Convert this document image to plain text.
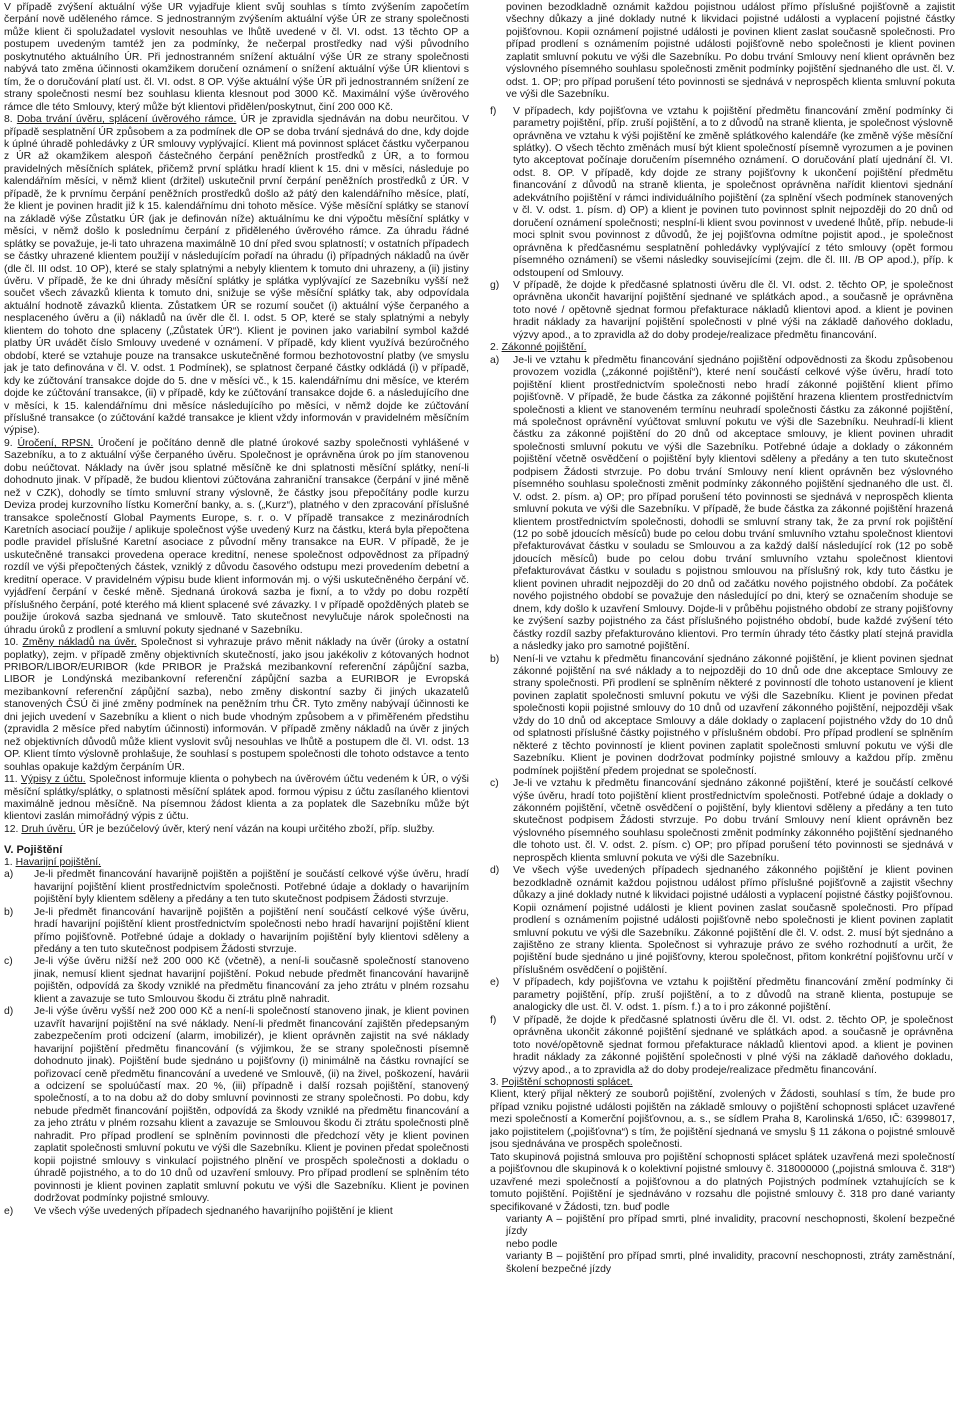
V případě zvýšení aktuální výše ÚR vyjadřuje klient svůj souhlas s tímto zvýšením započetím čerpání nově uděleného rámce. S jednostranným zvýšením aktuální výše ÚR ze strany společnosti může klient či spolužadatel vyslovit nesouhlas ve lhůtě uvedené v čl. VI. odst. 13 těchto OP a postupem uvedeným tamtéž jen za podmínky, že nečerpal prostředky nad výši původního poskytnutého aktuálního ÚR. Při jednostranném snížení aktuální výše ÚR ze strany společnosti nabývá tato změna účinnosti okamžikem doručení oznámení o snížení aktuální výše ÚR klientovi s tím, že o doručování platí ust. čl. VI. odst. 8 OP. Výše aktuální výše ÚR při jednostranném snížení ze strany společnosti nesmí bez souhlasu klienta klesnout pod 3000 Kč. Maximální výše úvěrového rámce dle této Smlouvy, který může být klientovi přidělen/poskytnut, činí 200 000 Kč.

8. Doba trvání úvěru, splácení úvěrového rámce. ÚR je zpravidla sjednáván na dobu neurčitou. V případě sesplatnění ÚR způsobem a za podmínek dle OP se doba trvání sjednává do dne, kdy dojde k úplné úhradě pohledávky z ÚR smlouvy vyplývající. Klient má povinnost splácet částku vyčerpanou z ÚR až okamžikem alespoň částečného čerpání peněžních prostředků z ÚR, a to formou pravidelných měsíčních splátek, přičemž první splátku hradí klient k 15. dni v měsíci, následuje po kalendářním měsíci, v němž klient (držitel) uskutečnil první čerpání peněžních prostředků z ÚR. V případě, že k prvnímu čerpání peněžních prostředků došlo až pátý den kalendářního měsíce, platí, že klient je povinen hradit již k 15. kalendářnímu dni tohoto měsíce. Výše měsíční splátky se stanoví na základě výše Zůstatku ÚR (jak je definován níže) aktuálnímu ke dni výpočtu měsíční splátky v měsíci, v němž došlo k poslednímu čerpání z přiděleného úvěrového rámce. Za úhradu řádné splátky se považuje, je-li tato uhrazena maximálně 10 dní před svou splatností; v ostatních případech se částky uhrazené klientem použijí v následujícím pořadí na úhradu (i) případných nákladů na úvěr (dle čl. III odst. 10 OP), které se staly splatnými a nebyly klientem k tomuto dni uhrazeny, a (ii) jistiny úvěru. V případě, že ke dni úhrady měsíční splátky je splátka vyplývající ze Sazebníku vyšší než součet všech závazků klienta k tomuto dni, snižuje se výše měsíční splátky tak, aby odpovídala aktuální hodnotě závazků klienta. Zůstatkem ÚR se rozumí součet (i) aktuální výše čerpaného a nesplaceného úvěru a (ii) nákladů na úvěr dle čl. I. odst. 5 OP, které se staly splatnými a nebyly klientem do tohoto dne splaceny („Zůstatek ÚR“). Klient je povinen jako variabilní symbol každé platby ÚR uvádět číslo Smlouvy uvedené v oznámení. V případě, kdy klient využívá bezúročného období, které se vztahuje pouze na transakce uskutečněné formou bezhotovostní platby (ve smyslu jak je tato definována v čl. V. odst. 1 Podmínek), se splatnost čerpané částky odkládá (i) v případě, kdy ke zúčtování transakce dojde do 5. dne v měsíci vč., k 15. kalendářnímu dni měsíce, ve kterém dojde ke zúčtování transakce, (ii) v případě, kdy ke zúčtování transakce dojde 6. a následujícího dne v měsíci, k 15. kalendářnímu dni měsíce následujícího po měsíci, v němž dojde ke zúčtování příslušné transakce (o zúčtování každé transakce je klient vždy informován v pravidelném měsíčním výpise).

9. Úročení, RPSN. Úročení je počítáno denně dle platné úrokové sazby společnosti vyhlášené v Sazebníku, a to z aktuální výše čerpaného úvěru. Společnost je oprávněna úrok po jím stanovenou dobu neúčtovat. Náklady na úvěr jsou splatné měsíčně ke dni splatnosti měsíční splátky, není-li dohodnuto jinak. V případě, že budou klientovi zúčtována zahraniční transakce (čerpání v jiné měně než v CZK), dohodly se tímto smluvní strany výslovně, že částky jsou přepočítány podle kurzu Deviza prodej kurzovního lístku Komerční banky, a. s. („Kurz“), platného v den zpracování příslušné transakce společností Global Payments Europe, s. r. o. V případě transakce z mezinárodních Karetních asociací použije / aplikuje společnost výše uvedený Kurz na částku, která byla přepočtena podle pravidel příslušné Karetní asociace z původní měny transakce na EUR. V případě, že je uskutečněné transakci provedena operace kreditní, nenese společnost odpovědnost za případný rozdíl ve výši přepočtených částek, vzniklý z důvodu časového odstupu mezi provedením debetní a kreditní operace. V pravidelném výpisu bude klient informován mj. o výši uskutečněného čerpání vč. vyjádření čerpání v české měně. Sjednaná úroková sazba je fixní, a to vždy po dobu rozpětí příslušného čerpání, poté kterého má klient splacené své závazky. I v případě opožděných plateb se použije úroková sazba sjednaná ve smlouvě. Tato skutečnost nevylučuje nárok společnosti na úhradu úroků z prodlení a smluvní pokuty sjednané v Sazebníku.

10. Změny nákladů na úvěr. Společnost si vyhrazuje právo měnit náklady na úvěr (úroky a ostatní poplatky), zejm. v případě změny objektivních skutečností, jako jsou jakékoliv z kótovaných hodnot PRIBOR/LIBOR/EURIBOR (kde PRIBOR je Pražská mezibankovní referenční zápůjční sazba, LIBOR je Londýnská mezibankovní referenční zápůjční sazba a EURIBOR je Evropská mezibankovní referenční zápůjční sazba), nebo změny diskontní sazby či jiných ukazatelů stanovených ČSÚ či jiné změny podmínek na peněžním trhu ČR. Tyto změny nabývají účinnosti ke dni jejich uvedení v Sazebníku a klient o nich bude vhodným způsobem a v přiměřeném předstihu (zpravidla 2 měsíce před nabytím účinnosti) informován. V případě změny nákladů na úvěr z jiných než objektivních důvodů může klient vyslovit svůj nesouhlas ve lhůtě a postupem dle čl. VI. odst. 13 OP. Klient tímto výslovně prohlašuje, že souhlasí s postupem společnosti dle tohoto odstavce a tento souhlas opakuje každým čerpáním ÚR.

11. Výpisy z účtu. Společnost informuje klienta o pohybech na úvěrovém účtu vedeném k ÚR, o výši měsíční splátky/splátky, o splatnosti měsíční splátek apod. formou výpisu z účtu zasílaného klientovi maximálně jednou měsíčně. Na písemnou žádost klienta a za poplatek dle Sazebníku může být klientovi zaslán mimořádný výpis z účtu.

12. Druh úvěru. ÚR je bezúčelový úvěr, který není vázán na koupi určitého zboží, příp. služby.

V. Pojištění

1. Havarijní pojištění.

a)	Je-li předmět financování havarijně pojištěn a pojištění je součástí celkové výše úvěru, hradí havarijní pojištění klient prostřednictvím společnosti. Potřebné údaje a doklady o havarijním pojištění byly klientem sděleny a předány a ten tuto skutečnost podpisem Žádosti stvrzuje.
b)	Je-li předmět financování havarijně pojištěn a pojištění není součástí celkové výše úvěru, hradí havarijní pojištění klient prostřednictvím společnosti nebo hradí havarijní pojištění klient přímo pojišťovně. Potřebné údaje a doklady o havarijním pojištění byly klientovi sděleny a předány a ten tuto skutečnost podpisem Žádosti stvrzuje.
c)	Je-li výše úvěru nižší než 200 000 Kč (včetně), a není-li současně společností stanoveno jinak, nemusí klient sjednat havarijní pojištění. Pokud nebude předmět financování havarijně pojištěn, odpovídá za škody vzniklé na předmětu financování za jeho ztrátu v plném rozsahu klient a zavazuje se tuto Smlouvou škodu či ztrátu plně nahradit.
d)	Je-li výše úvěru vyšší než 200 000 Kč a není-li společností stanoveno jinak, je klient povinen uzavřít havarijní pojištění na své náklady. Není-li předmět financování zajištěn předepsaným zabezpečením proti odcizení (alarm, imobilizér), je klient oprávněn zajistit na své náklady havarijní pojištění předmětu financování (s výjimkou, že se strany společnosti písemně dohodnuto jinak). Pojištění bude sjednáno u pojišťovny (i) minimálně na částku rovnající se pořizovací ceně předmětu financování a uvedené ve Smlouvě, (ii) na živel, poškození, havárii a odcizení se spoluúčastí max. 20 %, (iii) případně i další rozsah pojištění, stanovený společností, a to na dobu až do doby smluvní povinnosti ze strany společnosti. Po dobu, kdy nebude předmět financování pojištěn, odpovídá za škody vzniklé na předmětu financování a za jeho ztrátu v plném rozsahu klient a zavazuje se Smlouvou škodu či ztrátu společnosti plně nahradit. Pro případ prodlení se splněním povinnosti dle předchozí věty je klient povinen zaplatit společnosti smluvní pokutu ve výši dle Sazebníku. Klient je povinen předat společnosti kopii pojistné smlouvy s vinkulací pojistného plnění ve prospěch společnosti a dokladu o úhradě pojistného, a to do 10 dnů od uzavření smlouvy. Pro případ prodlení se splněním této povinnosti je klient povinen zaplatit smluvní pokutu ve výši dle Sazebníku. Klient je povinen dodržovat podmínky pojistné smlouvy.
e)	Ve všech výše uvedených případech sjednaného havarijního pojištění je klient

povinen bezodkladně oznámit každou pojistnou událost přímo příslušné pojišťovně a zajistit všechny důkazy a jiné doklady nutné k likvidaci pojistné události a vyplacení pojistné částky pojišťovnou. Kopii oznámení pojistné události je povinen klient zaslat současně společnosti. Pro případ prodlení s oznámením pojistné události pojišťovně nebo společnosti je klient povinen zaplatit smluvní pokutu ve výši dle Sazebníku. Po dobu trvání Smlouvy není klient oprávněn bez výslovného písemného souhlasu společnosti změnit podmínky pojištění sjednaného dle ust. čl. V. odst. 1. OP; pro případ porušení této povinnosti se sjednává v neprospěch klienta smluvní pokuta ve výši dle Sazebníku.

f)	V případech, kdy pojišťovna ve vztahu k pojištění předmětu financování změní podmínky či parametry pojištění, příp. zruší pojištění, a to z důvodů na straně klienta, je společnost výslovně oprávněna ve vztahu k výši pojištění ke změně splátkového kalendáře (ke změně výše měsíční splátky). O všech těchto změnách musí být klient společností písemně vyrozumen a je povinen tyto akceptovat počínaje doručením písemného oznámení. O doručování platí ujednání čl. VI. odst. 8. OP. V případě, kdy dojde ze strany pojišťovny k ukončení pojištění předmětu financování z důvodů na straně klienta, je společnost oprávněna nařídit klientovi sjednání adekvátního pojištění v rámci individuálního pojištění (za splnění všech podmínek stanovených v čl. V. odst. 1. písm. d) OP) a klient je povinen tuto povinnost splnit nejpozději do 20 dnů od doručení oznámení společnosti; nesplní-li klient svou povinnost v uvedené lhůtě, příp. nebude-li moci splnit svou povinnost z důvodů, že jej pojišťovna odmítne pojistit apod., je společnost oprávněna k předčasnému sesplatnění pohledávky vyplývající z této smlouvy (opět formou písemného oznámení) se všemi následky souvisejícími (zejm. dle čl. III. /B OP apod.), příp. k odstoupení od Smlouvy.
g)	V případě, že dojde k předčasné splatnosti úvěru dle čl. VI. odst. 2. těchto OP, je společnost oprávněna ukončit havarijní pojištění sjednané ve splátkách apod., a současně je oprávněna toto nové / opětovně sjednat formou přefakturace nákladů klientovi apod. a klient je povinen hradit náklady za havarijní pojištění společnosti v plné výši na základě daňového dokladu, výzvy apod., a to zpravidla až do doby prodeje/realizace předmětu financování.

2. Zákonné pojištění.

a)	Je-li ve vztahu k předmětu financování sjednáno pojištění odpovědnosti za škodu způsobenou provozem vozidla („zákonné pojištění“), které není součástí celkové výše úvěru, hradí toto pojištění klient prostřednictvím společnosti nebo hradí zákonné pojištění klient přímo pojišťovně. V případě, že bude částka za zákonné pojištění hrazena klientem prostřednictvím společnosti a klient ve stanoveném termínu neuhradí společnosti částku za zákonné pojištění, má společnost oprávnění vyúčtovat smluvní pokutu ve výši dle Sazebníku. Neuhradí-li klient částku za zákonné pojištění do 20 dnů od akceptace smlouvy, je klient povinen uhradit společnosti smluvní pokutu ve výši dle Sazebníku. Potřebné údaje a doklady o zákonném pojištění včetně osvědčení o pojištění byly klientovi sděleny a předány a ten tuto skutečnost podpisem Žádosti stvrzuje. Po dobu trvání Smlouvy není klient oprávněn bez výslovného písemného souhlasu společnosti změnit podmínky zákonného pojištění sjednaného dle ust. čl. V. odst. 2. písm. a) OP; pro případ porušení této povinnosti se sjednává v neprospěch klienta smluvní pokuta ve výši dle Sazebníku. V případě, že bude částka za zákonné pojištění hrazená klientem prostřednictvím společnosti, dohodli se smluvní strany tak, že za první rok pojištění (12 po sobě jdoucích měsíců) bude po celou dobu trvání smluvního vztahu společnost klientovi přefakturovávat částku v souladu se Smlouvou a za každý další následující rok (12 po sobě jdoucích měsíců) bude po celou dobu trvání smluvního vztahu společnost klientovi přefakturovávat částku v souladu s pojistnou smlouvou na příslušný rok, kdy tuto částku je klient povinen uhradit nejpozději do 20 dnů od začátku nového pojistného období. Za počátek nového pojistného období se považuje den následující po dni, který se označením shoduje se dnem, kdy došlo k uzavření Smlouvy. Dojde-li v průběhu pojistného období ze strany pojišťovny ke zvýšení sazby pojistného za část příslušného pojistného období, bude každé zvýšení této částky rozdíl sazby přefakturováno klientovi. Pro termín úhrady této částky platí stejná pravidla a následky jako pro samotné pojištění.
b)	Není-li ve vztahu k předmětu financování sjednáno zákonné pojištění, je klient povinen sjednat zákonné pojištění na své náklady a to nejpozději do 10 dnů ode dne akceptace Smlouvy ze strany společnosti. Při prodlení se splněním některé z povinností dle tohoto ustanovení je klient povinen zaplatit společnosti smluvní pokutu ve výši dle Sazebníku. Klient je povinen předat společnosti kopii pojistné smlouvy do 10 dnů od uzavření zákonného pojištění, nejpozději však vždy do 10 dnů od akceptace Smlouvy a dále doklady o zaplacení pojistného vždy do 10 dnů od splatnosti příslušné částky pojistného v příslušném období. Pro případ prodlení se splněním některé z těchto povinností je klient povinen zaplatit společnosti smluvní pokutu ve výši dle Sazebníku. Klient je povinen dodržovat podmínky pojistné smlouvy a každou příp. změnu podmínek pojištění předem projednat se společností.
c)	Je-li ve vztahu k předmětu financování sjednáno zákonné pojištění, které je součástí celkové výše úvěru, hradí toto pojištění klient prostřednictvím společnosti. Potřebné údaje a doklady o zákonném pojištění, včetně osvědčení o pojištění, byly klientovi sděleny a předány a ten tuto skutečnost podpisem Žádosti stvrzuje. Po dobu trvání Smlouvy není klient oprávněn bez výslovného písemného souhlasu společnosti změnit podmínky zákonného pojištění sjednaného dle tohoto ust. čl. V. odst. 2. písm. c) OP; pro případ porušení této povinnosti se sjednává v neprospěch klienta smluvní pokuta ve výši dle Sazebníku.
d)	Ve všech výše uvedených případech sjednaného zákonného pojištění je klient povinen bezodkladně oznámit každou pojistnou událost přímo příslušné pojišťovně a zajistit všechny důkazy a jiné doklady nutné k likvidaci pojistné události a vyplacení pojistné částky pojišťovnou. Kopii oznámení pojistné události je klient povinen zaslat současně společnosti. Pro případ prodlení s oznámením pojistné události pojišťovně nebo společnosti je klient povinen zaplatit smluvní pokutu ve výši dle Sazebníku. Zákonné pojištění dle čl. V. odst. 2. musí být sjednáno a zajištěno ze strany klienta. Společnost si vyhrazuje právo ze svého rozhodnutí a určit, že pojištění bude sjednáno u jiné pojišťovny, kterou společnost, přitom konkrétní pojišťovnu určí v příslušném osvědčení o pojištění.
e)	V případech, kdy pojišťovna ve vztahu k pojištění předmětu financování změní podmínky či parametry pojištění, příp. zruší pojištění, a to z důvodů na straně klienta, postupuje se analogicky dle ust. čl. V. odst. 1. písm. f.) a to i pro zákonné pojištění.
f)	V případě, že dojde k předčasné splatnosti úvěru dle čl. VI. odst. 2. těchto OP, je společnost oprávněna ukončit zákonné pojištění sjednané ve splátkách apod. a současně je oprávněna toto nové/opětovně sjednat formou přefakturace nákladů klientovi apod. a klient je povinen hradit náklady za zákonné pojištění společnosti v plné výši na základě daňového dokladu, výzvy apod., a to zpravidla až do doby prodeje/realizace předmětu financování.

3. Pojištění schopnosti splácet.

Klient, který přijal některý ze souborů pojištění, zvolených v Žádosti, souhlasí s tím, že bude pro případ vzniku pojistné události pojištěn na základě smlouvy o pojištění schopnosti splácet uzavřené mezi společností a Komerční pojišťovnou, a. s., se sídlem Praha 8, Karolinská 1/650, IČ: 63998017, jako pojistitelem („pojišťovna“) s tím, že pojištění sjednaná ve smyslu § 11 zákona o pojistné smlouvě jsou sjednávána ve prospěch společnosti.

Tato skupinová pojistná smlouva pro pojištění schopnosti splácet splátek uzavřená mezi společností a pojišťovnou dle skupinová k o kolektivní pojistné smlouvy č. 318000000 („pojistná smlouva č. 318“) uzavřené mezi společností a pojišťovnou a do platných Pojistných podmínek vztahujících se k tomuto pojištění. Pojištění je sjednáváno v rozsahu dle pojistné smlouvy č. 318 pro dané varianty specifikované v Žádosti, tzn. buď podle

varianty A – pojištění pro případ smrti, plné invalidity, pracovní neschopnosti, školení bezpečné jízdy

nebo podle

varianty B – pojištění pro případ smrti, plné invalidity, pracovní neschopnosti, ztráty zaměstnání, školení bezpečné jízdy
